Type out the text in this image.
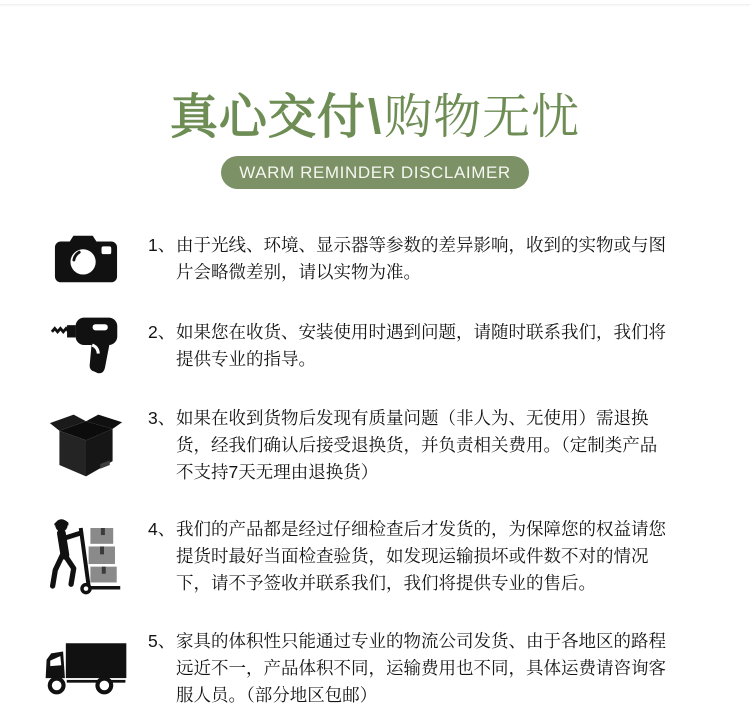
真心交付\购物无忧
WARM REMINDER DISCLAIMER

1、 由于光线、环境、显示器等参数的差异影响，收到的实物或与图片会略微差别，请以实物为准。

2、 如果您在收货、安装使用时遇到问题，请随时联系我们，我们将提供专业的指导。

3、 如果在收到货物后发现有质量问题（非人为、无使用）需退换货，经我们确认后接受退换货，并负责相关费用。（定制类产品不支持7天无理由退换货）

4、 我们的产品都是经过仔细检查后才发货的，为保障您的权益请您提货时最好当面检查验货，如发现运输损坏或件数不对的情况下，请不予签收并联系我们，我们将提供专业的售后。

5、 家具的体积性只能通过专业的物流公司发货、由于各地区的路程远近不一，产品体积不同，运输费用也不同，具体运费请咨询客服人员。（部分地区包邮）
